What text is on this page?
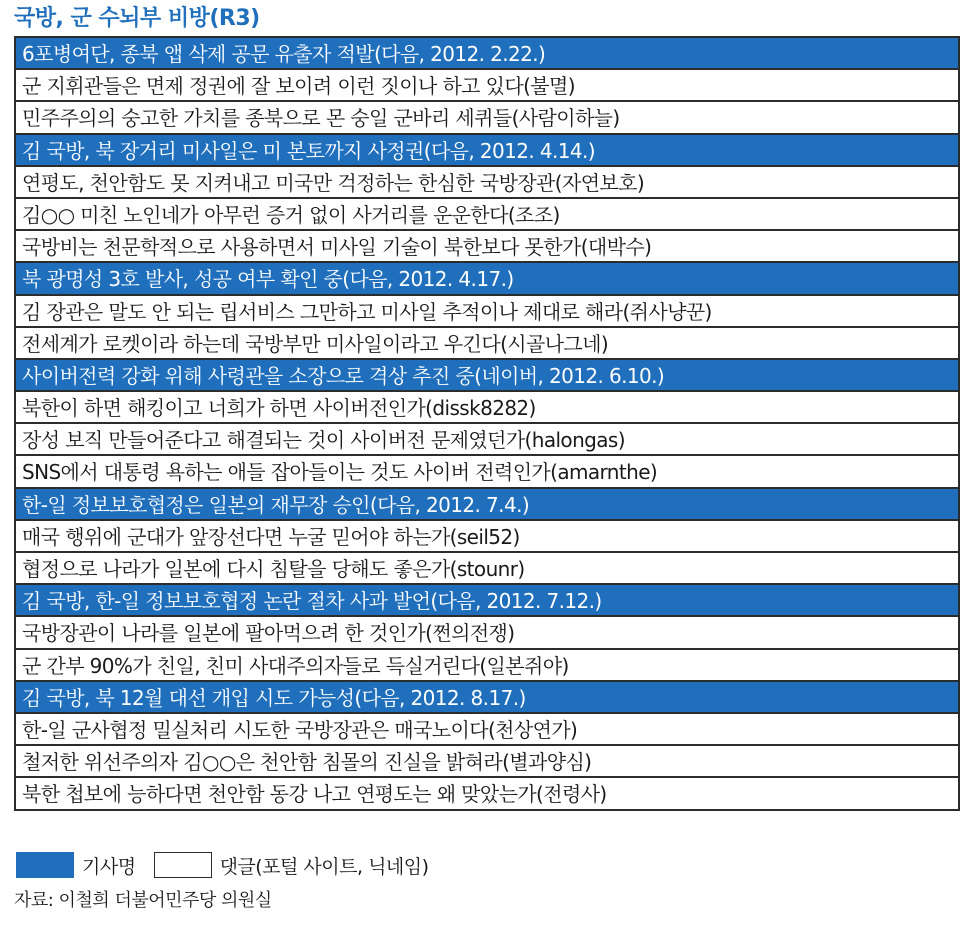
국방, 군 수뇌부 비방(R3)
6포병여단, 종북 앱 삭제 공문 유출자 적발(다음, 2012. 2.22.)
군 지휘관들은 면제 정권에 잘 보이려 이런 짓이나 하고 있다(불멸)
민주주의의 숭고한 가치를 종북으로 몬 숭일 군바리 세퀴들(사람이하늘)
김 국방, 북 장거리 미사일은 미 본토까지 사정권(다음, 2012. 4.14.)
연평도, 천안함도 못 지켜내고 미국만 걱정하는 한심한 국방장관(자연보호)
김○○ 미친 노인네가 아무런 증거 없이 사거리를 운운한다(조조)
국방비는 천문학적으로 사용하면서 미사일 기술이 북한보다 못한가(대박수)
북 광명성 3호 발사, 성공 여부 확인 중(다음, 2012. 4.17.)
김 장관은 말도 안 되는 립서비스 그만하고 미사일 추적이나 제대로 해라(쥐사냥꾼)
전세계가 로켓이라 하는데 국방부만 미사일이라고 우긴다(시골나그네)
사이버전력 강화 위해 사령관을 소장으로 격상 추진 중(네이버, 2012. 6.10.)
북한이 하면 해킹이고 너희가 하면 사이버전인가(dissk8282)
장성 보직 만들어준다고 해결되는 것이 사이버전 문제였던가(halongas)
SNS에서 대통령 욕하는 애들 잡아들이는 것도 사이버 전력인가(amarnthe)
한-일 정보보호협정은 일본의 재무장 승인(다음, 2012. 7.4.)
매국 행위에 군대가 앞장선다면 누굴 믿어야 하는가(seil52)
협정으로 나라가 일본에 다시 침탈을 당해도 좋은가(stounr)
김 국방, 한-일 정보보호협정 논란 절차 사과 발언(다음, 2012. 7.12.)
국방장관이 나라를 일본에 팔아먹으려 한 것인가(쩐의전쟁)
군 간부 90%가 친일, 친미 사대주의자들로 득실거린다(일본쥐야)
김 국방, 북 12월 대선 개입 시도 가능성(다음, 2012. 8.17.)
한-일 군사협정 밀실처리 시도한 국방장관은 매국노이다(천상연가)
철저한 위선주의자 김○○은 천안함 침몰의 진실을 밝혀라(별과양심)
북한 첩보에 능하다면 천안함 동강 나고 연평도는 왜 맞았는가(전령사)
기사명	댓글(포털 사이트, 닉네임)
자료: 이철희 더불어민주당 의원실
